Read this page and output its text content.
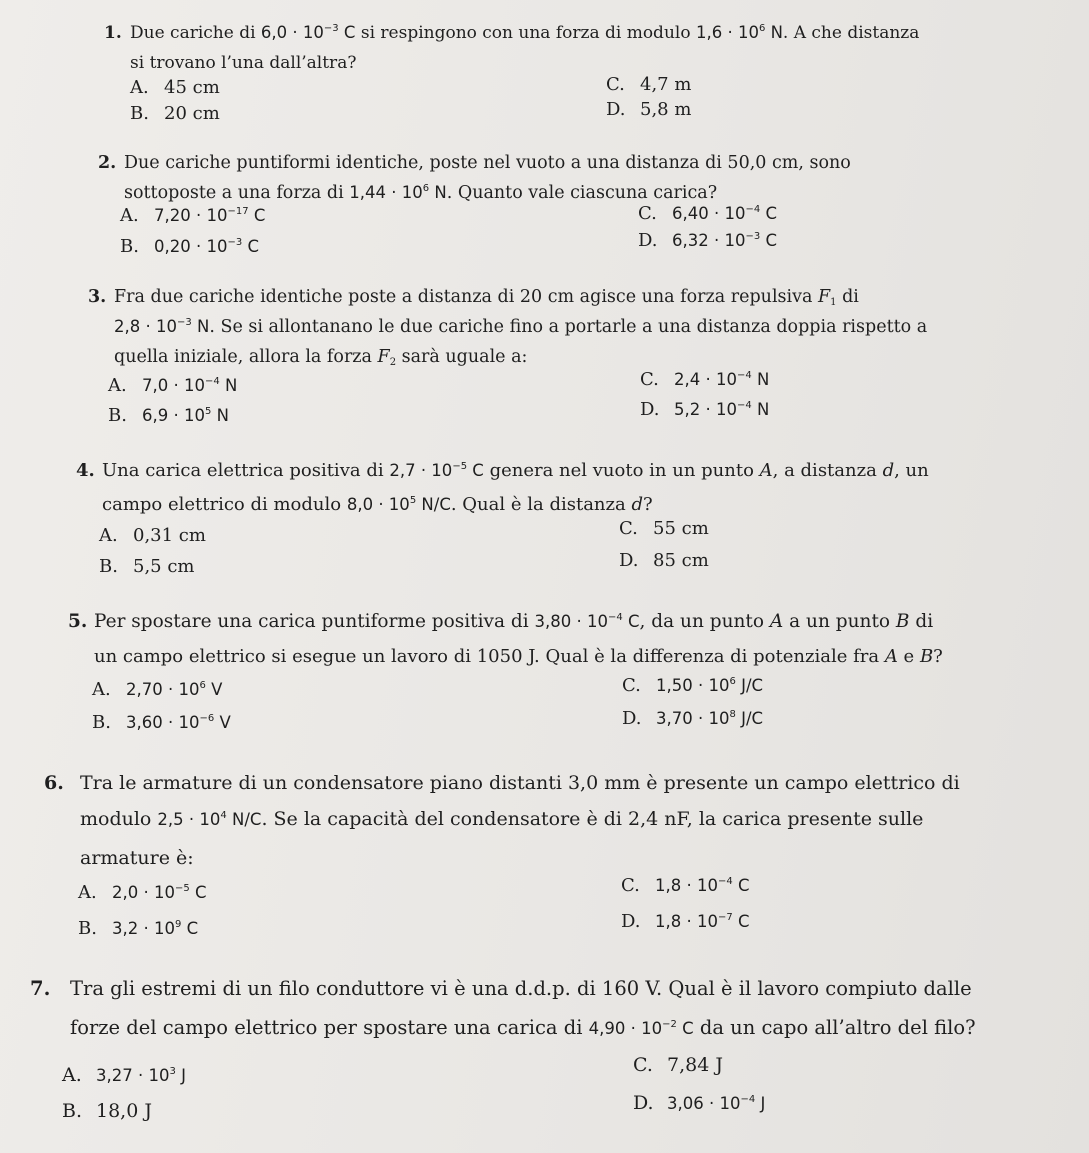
1. Due cariche di $6,0 \cdot 10^{-3}$ C si respingono con una forza di modulo $1,6 \cdot 10^6$ N. A che distanza
si trovano l’una dall’altra?
A. 45 cm
B. 20 cm
C. 4,7 m
D. 5,8 m
2. Due cariche puntiformi identiche, poste nel vuoto a una distanza di 50,0 cm, sono
sottoposte a una forza di $1,44 \cdot 10^6$ N. Quanto vale ciascuna carica?
A. $7,20 \cdot 10^{-17}$ C
B. $0,20 \cdot 10^{-3}$ C
C. $6,40 \cdot 10^{-4}$ C
D. $6,32 \cdot 10^{-3}$ C
3. Fra due cariche identiche poste a distanza di 20 cm agisce una forza repulsiva $F_1$ di
$2,8 \cdot 10^{-3}$ N. Se si allontanano le due cariche fino a portarle a una distanza doppia rispetto a
quella iniziale, allora la forza $F_2$ sarà uguale a:
A. $7,0 \cdot 10^{-4}$ N
B. $6,9 \cdot 10^5$ N
C. $2,4 \cdot 10^{-4}$ N
D. $5,2 \cdot 10^{-4}$ N
4. Una carica elettrica positiva di $2,7 \cdot 10^{-5}$ C genera nel vuoto in un punto A, a distanza d, un
campo elettrico di modulo $8,0 \cdot 10^5$ N/C. Qual è la distanza d?
A. 0,31 cm
B. 5,5 cm
C. 55 cm
D. 85 cm
5. Per spostare una carica puntiforme positiva di $3,80 \cdot 10^{-4}$ C, da un punto A a un punto B di
un campo elettrico si esegue un lavoro di 1050 J. Qual è la differenza di potenziale fra A e B?
A. $2,70 \cdot 10^6$ V
B. $3,60 \cdot 10^{-6}$ V
C. $1,50 \cdot 10^6$ J/C
D. $3,70 \cdot 10^8$ J/C
6. Tra le armature di un condensatore piano distanti 3,0 mm è presente un campo elettrico di
modulo $2,5 \cdot 10^4$ N/C. Se la capacità del condensatore è di 2,4 nF, la carica presente sulle
armature è:
A. $2,0 \cdot 10^{-5}$ C
B. $3,2 \cdot 10^9$ C
C. $1,8 \cdot 10^{-4}$ C
D. $1,8 \cdot 10^{-7}$ C
7. Tra gli estremi di un filo conduttore vi è una d.d.p. di 160 V. Qual è il lavoro compiuto dalle
forze del campo elettrico per spostare una carica di $4,90 \cdot 10^{-2}$ C da un capo all’altro del filo?
A. $3,27 \cdot 10^3$ J
B. 18,0 J
C. 7,84 J
D. $3,06 \cdot 10^{-4}$ J
